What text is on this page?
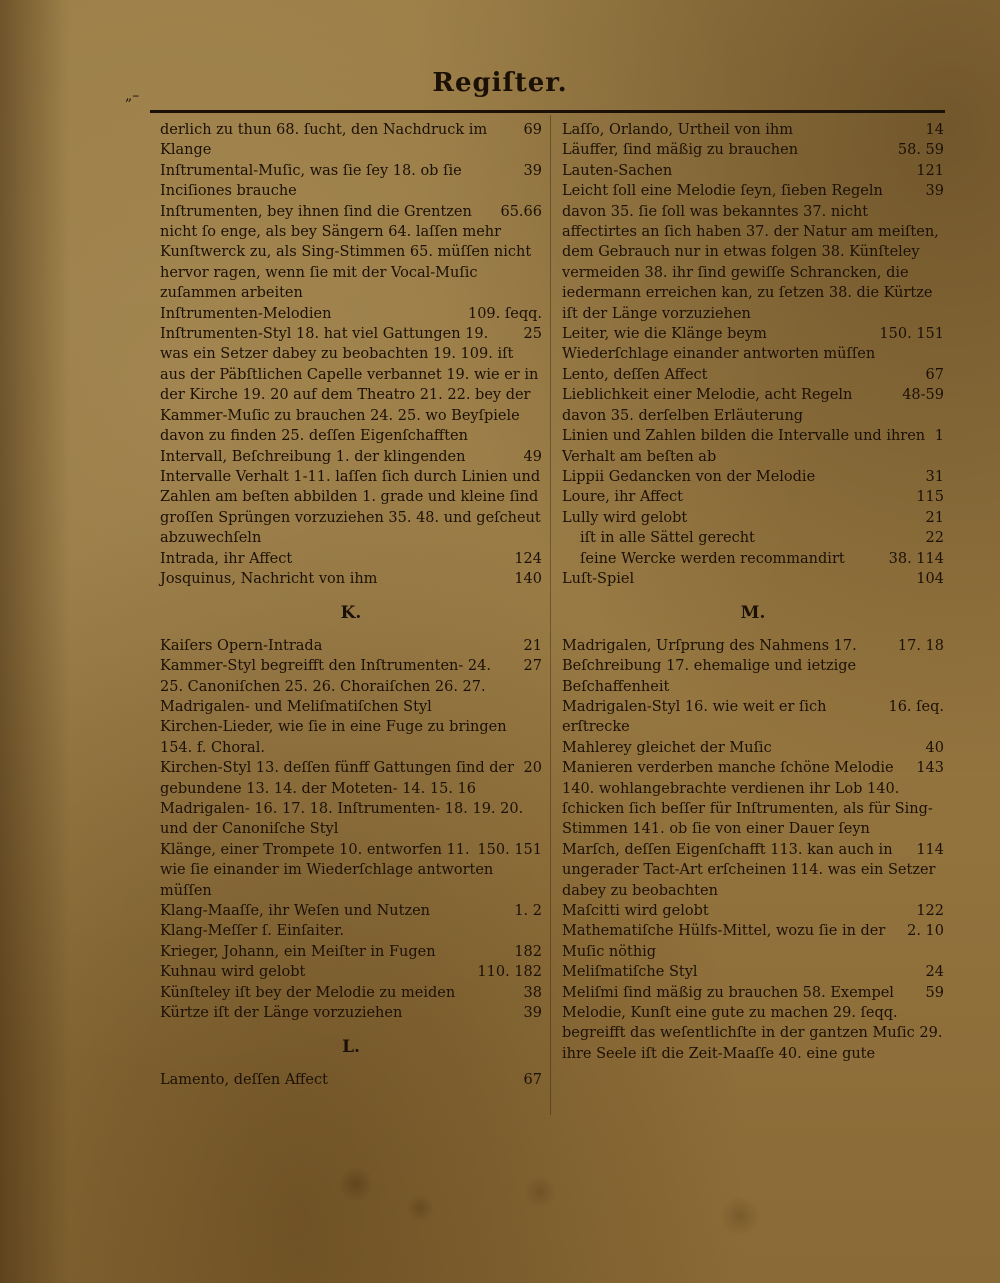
„–	Regiſter.
69
derlich zu thun 68. ſucht, den Nachdruck im Klange
39
Inſtrumental-Muſic, was ſie ſey 18. ob ſie Inciſiones brauche
65.66
Inſtrumenten, bey ihnen ſind die Grentzen nicht ſo enge, als bey Sängern 64. laſſen mehr Kunſtwerck zu, als Sing-Stimmen 65. müſſen nicht hervor ragen, wenn ſie mit der Vocal-Muſic zuſammen arbeiten
109. ſeqq.
Inſtrumenten-Melodien
25
Inſtrumenten-Styl 18. hat viel Gattungen 19. was ein Setzer dabey zu beobachten 19. 109. iſt aus der Päbſtlichen Capelle verbannet 19. wie er in der Kirche 19. 20 auf dem Theatro 21. 22. bey der Kammer-Muſic zu brauchen 24. 25. wo Beyſpiele davon zu finden 25. deſſen Eigenſchafften
49
Intervall, Beſchreibung 1. der klingenden Intervalle Verhalt 1-11. laſſen ſich durch Linien und Zahlen am beſten abbilden 1. grade und kleine ſind groſſen Sprüngen vorzuziehen 35. 48. und geſcheut abzuwechſeln
124
Intrada, ihr Affect
140
Josquinus, Nachricht von ihm
K.
21
Kaiſers Opern-Intrada
27
Kammer-Styl begreifft den Inſtrumenten- 24. 25. Canoniſchen 25. 26. Choraiſchen 26. 27. Madrigalen- und Meliſmatiſchen Styl
Kirchen-Lieder, wie ſie in eine Fuge zu bringen 154. f. Choral.
20
Kirchen-Styl 13. deſſen fünff Gattungen ſind der gebundene 13. 14. der Moteten- 14. 15. 16 Madrigalen- 16. 17. 18. Inſtrumenten- 18. 19. 20. und der Canoniſche Styl
150. 151
Klänge, einer Trompete 10. entworfen 11. wie ſie einander im Wiederſchlage antworten müſſen
1. 2
Klang-Maaſſe, ihr Weſen und Nutzen
Klang-Meſſer ſ. Einſaiter.
182
Krieger, Johann, ein Meiſter in Fugen
110. 182
Kuhnau wird gelobt
38
Künſteley iſt bey der Melodie zu meiden
39
Kürtze iſt der Länge vorzuziehen
L.
67
Lamento, deſſen Affect
14
Laſſo, Orlando, Urtheil von ihm
58. 59
Läuffer, ſind mäßig zu brauchen
121
Lauten-Sachen
39
Leicht ſoll eine Melodie ſeyn, ſieben Regeln davon 35. ſie ſoll was bekanntes 37. nicht affectirtes an ſich haben 37. der Natur am meiſten, dem Gebrauch nur in etwas folgen 38. Künſteley vermeiden 38. ihr ſind gewiſſe Schrancken, die iedermann erreichen kan, zu ſetzen 38. die Kürtze iſt der Länge vorzuziehen
150. 151
Leiter, wie die Klänge beym Wiederſchlage einander antworten müſſen
67
Lento, deſſen Affect
48-59
Lieblichkeit einer Melodie, acht Regeln davon 35. derſelben Erläuterung
1
Linien und Zahlen bilden die Intervalle und ihren Verhalt am beſten ab
31
Lippii Gedancken von der Melodie
115
Loure, ihr Affect
21
Lully wird gelobt
22
iſt in alle Sättel gerecht
38. 114
ſeine Wercke werden recommandirt
104
Luſt-Spiel
M.
17. 18
Madrigalen, Urſprung des Nahmens 17. Beſchreibung 17. ehemalige und ietzige Beſchaffenheit
16. ſeq.
Madrigalen-Styl 16. wie weit er ſich erſtrecke
40
Mahlerey gleichet der Muſic
143
Manieren verderben manche ſchöne Melodie 140. wohlangebrachte verdienen ihr Lob 140. ſchicken ſich beſſer für Inſtrumenten, als für Sing-Stimmen 141. ob ſie von einer Dauer ſeyn
114
Marſch, deſſen Eigenſchafft 113. kan auch in ungerader Tact-Art erſcheinen 114. was ein Setzer dabey zu beobachten
122
Maſcitti wird gelobt
2. 10
Mathematiſche Hülfs-Mittel, wozu ſie in der Muſic nöthig
24
Meliſmatiſche Styl
59
Meliſmi ſind mäßig zu brauchen 58. Exempel
Melodie, Kunſt eine gute zu machen 29. ſeqq. begreifft das weſentlichſte in der gantzen Muſic 29. ihre Seele iſt die Zeit-Maaſſe 40. eine gute
